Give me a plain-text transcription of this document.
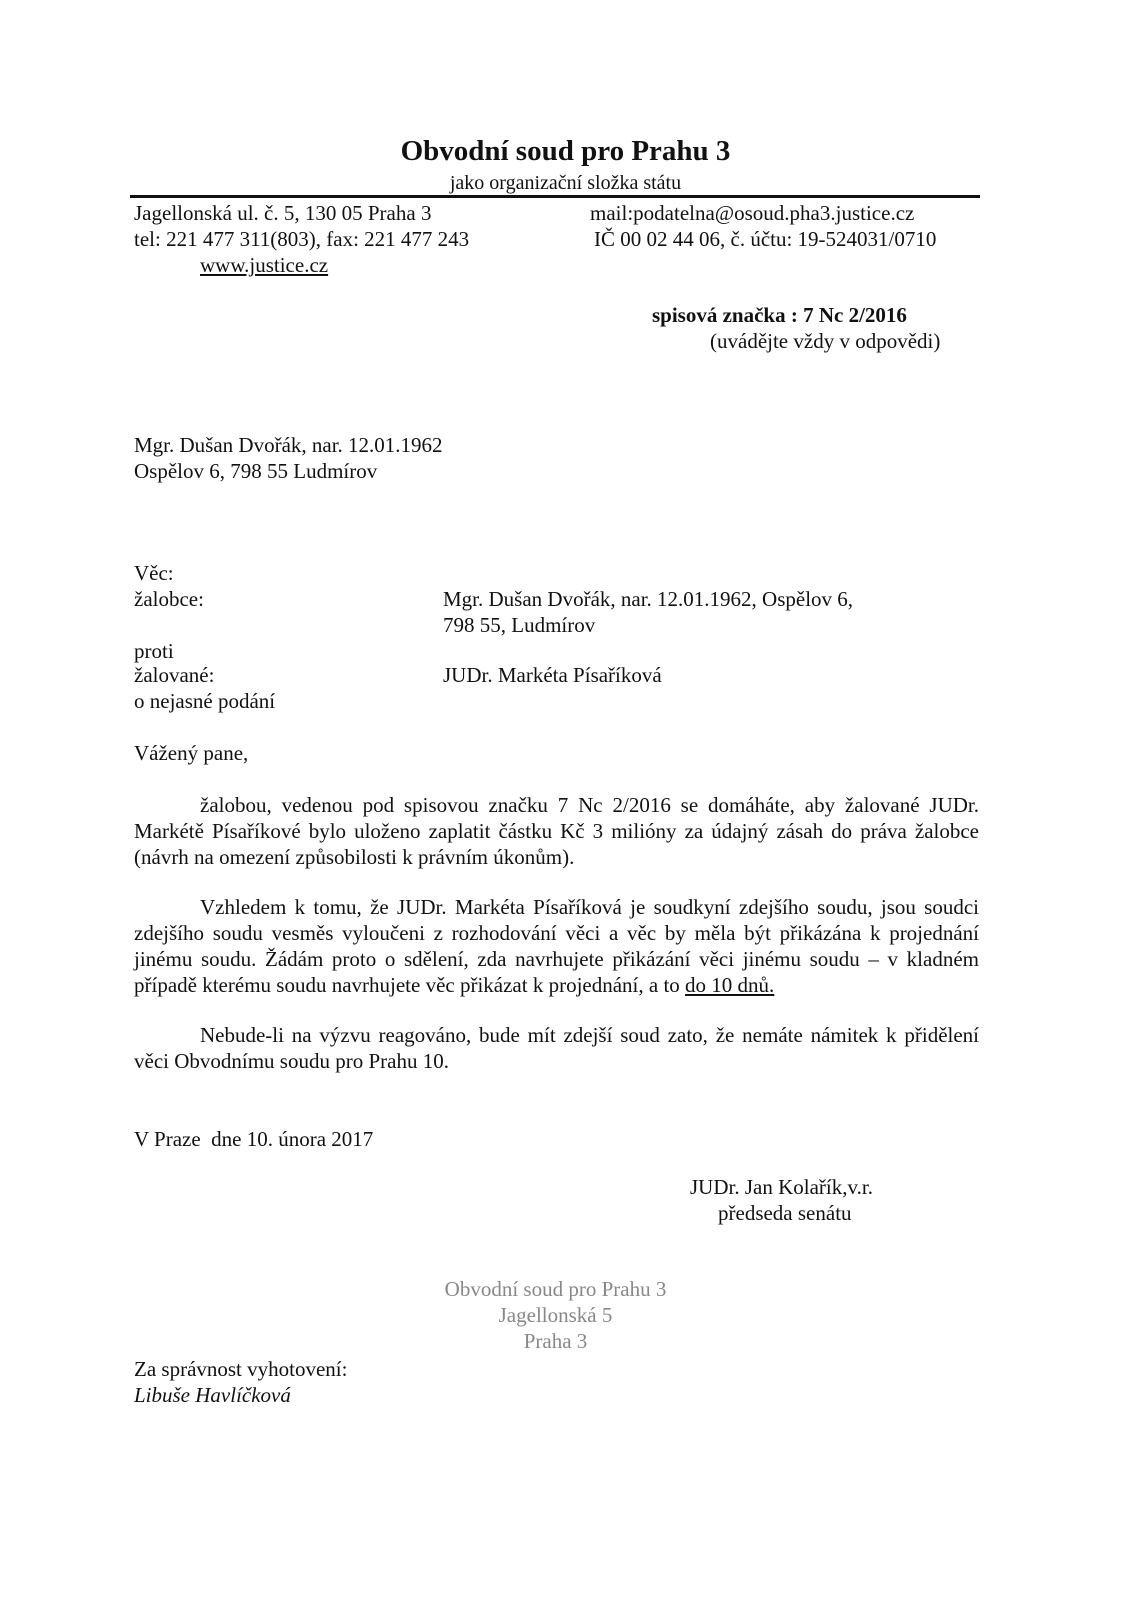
Obvodní soud pro Prahu 3
jako organizační složka státu
Jagellonská ul. č. 5, 130 05 Praha 3
tel: 221 477 311(803), fax: 221 477 243
www.justice.cz
mail:podatelna@osoud.pha3.justice.cz
IČ 00 02 44 06, č. účtu: 19-524031/0710
spisová značka : 7 Nc 2/2016
(uvádějte vždy v odpovědi)
Mgr. Dušan Dvořák, nar. 12.01.1962
Ospělov 6, 798 55 Ludmírov
Věc:
žalobce:	Mgr. Dušan Dvořák, nar. 12.01.1962, Ospělov 6,
798 55, Ludmírov
proti
žalované:	JUDr. Markéta Písaříková
o nejasné podání
Vážený pane,
žalobou, vedenou pod spisovou značku 7 Nc 2/2016 se domáháte, aby žalované JUDr. Markétě Písaříkové bylo uloženo zaplatit částku Kč 3 milióny za údajný zásah do práva žalobce (návrh na omezení způsobilosti k právním úkonům).
Vzhledem k tomu, že JUDr. Markéta Písaříková je soudkyní zdejšího soudu, jsou soudci zdejšího soudu vesměs vyloučeni z rozhodování věci a věc by měla být přikázána k projednání jinému soudu. Žádám proto o sdělení, zda navrhujete přikázání věci jinému soudu – v kladném případě kterému soudu navrhujete věc přikázat k projednání, a to do 10 dnů.
Nebude-li na výzvu reagováno, bude mít zdejší soud zato, že nemáte námitek k přidělení věci Obvodnímu soudu pro Prahu 10.
V Praze  dne 10. února 2017
JUDr. Jan Kolařík,v.r.
předseda senátu
Obvodní soud pro Prahu 3
Jagellonská 5
Praha 3
Za správnost vyhotovení:
Libuše Havlíčková
